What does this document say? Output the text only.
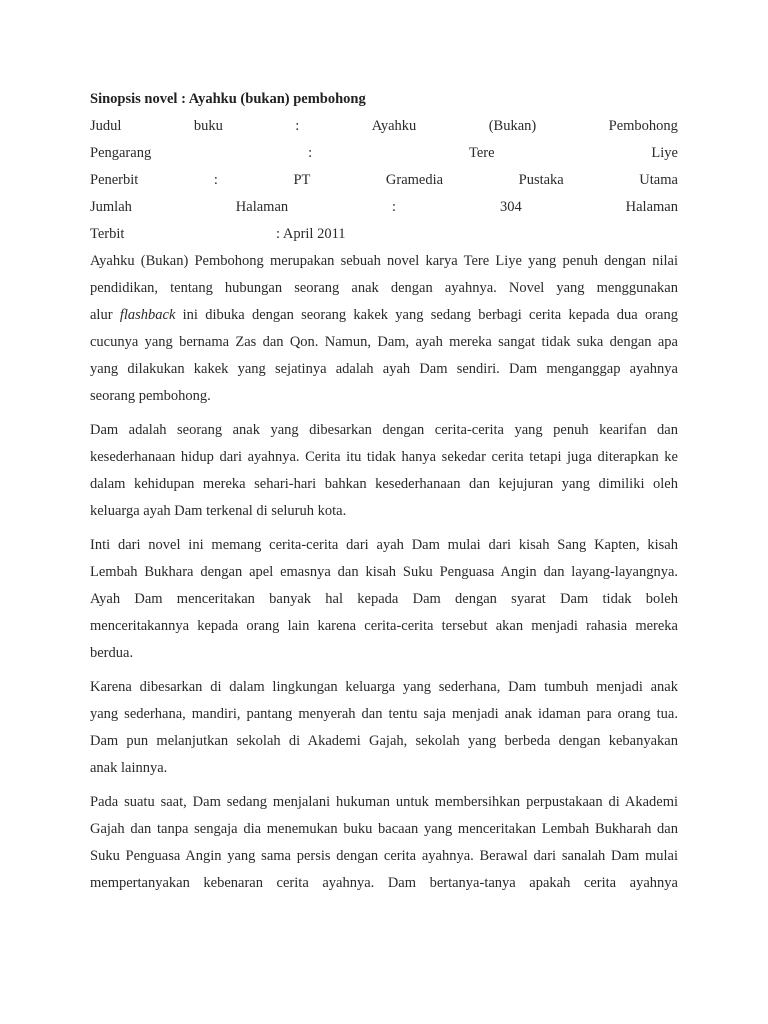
Sinopsis novel : Ayahku (bukan) pembohong

Judul	buku	:	Ayahku	(Bukan)	Pembohong
Pengarang	:	Tere	Liye
Penerbit	:	PT	Gramedia	Pustaka	Utama
Jumlah	Halaman	:	304	Halaman
Terbit	: April 2011

Ayahku (Bukan) Pembohong merupakan sebuah novel karya Tere Liye yang penuh dengan nilai
pendidikan, tentang hubungan seorang anak dengan ayahnya. Novel yang menggunakan
alur flashback ini dibuka dengan seorang kakek yang sedang berbagi cerita kepada dua orang
cucunya yang bernama Zas dan Qon. Namun, Dam, ayah mereka sangat tidak suka dengan apa
yang dilakukan kakek yang sejatinya adalah ayah Dam sendiri. Dam menganggap ayahnya
seorang pembohong.

Dam adalah seorang anak yang dibesarkan dengan cerita-cerita yang penuh kearifan dan
kesederhanaan hidup dari ayahnya. Cerita itu tidak hanya sekedar cerita tetapi juga diterapkan ke
dalam kehidupan mereka sehari-hari bahkan kesederhanaan dan kejujuran yang dimiliki oleh
keluarga ayah Dam terkenal di seluruh kota.

Inti dari novel ini memang cerita-cerita dari ayah Dam mulai dari kisah Sang Kapten, kisah
Lembah Bukhara dengan apel emasnya dan kisah Suku Penguasa Angin dan layang-layangnya.
Ayah Dam menceritakan banyak hal kepada Dam dengan syarat Dam tidak boleh
menceritakannya kepada orang lain karena cerita-cerita tersebut akan menjadi rahasia mereka
berdua.

Karena dibesarkan di dalam lingkungan keluarga yang sederhana, Dam tumbuh menjadi anak
yang sederhana, mandiri, pantang menyerah dan tentu saja menjadi anak idaman para orang tua.
Dam pun melanjutkan sekolah di Akademi Gajah, sekolah yang berbeda dengan kebanyakan
anak lainnya.

Pada suatu saat, Dam sedang menjalani hukuman untuk membersihkan perpustakaan di Akademi
Gajah dan tanpa sengaja dia menemukan buku bacaan yang menceritakan Lembah Bukharah dan
Suku Penguasa Angin yang sama persis dengan cerita ayahnya. Berawal dari sanalah Dam mulai
mempertanyakan kebenaran cerita ayahnya. Dam bertanya-tanya apakah cerita ayahnya
